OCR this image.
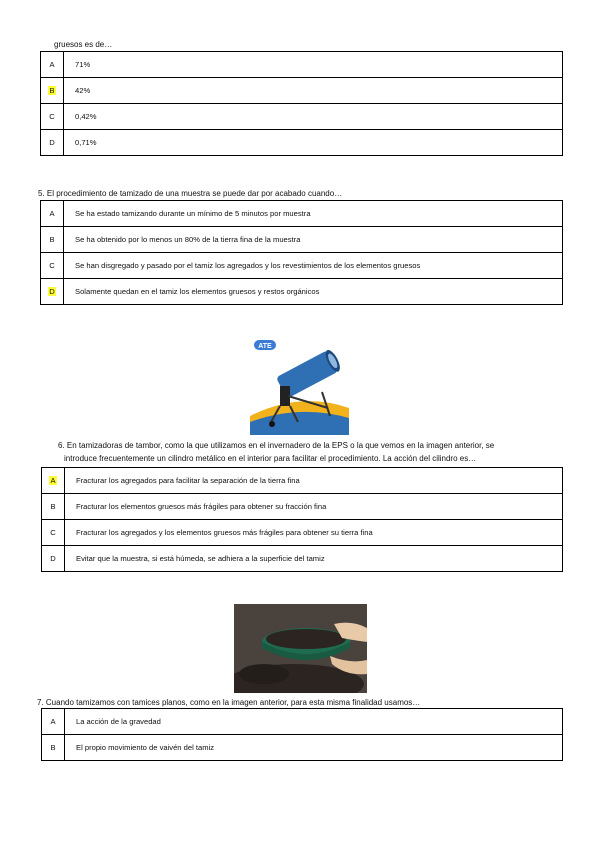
gruesos es de…
A	71%
B	42%
C	0,42%
D	0,71%
5. El procedimiento de tamizado de una muestra se puede dar por acabado cuando…
A	Se ha estado tamizando durante un mínimo de 5 minutos por muestra
B	Se ha obtenido por lo menos un 80% de la tierra fina de la muestra
C	Se han disgregado y pasado por el tamiz los agregados y los revestimientos de los elementos gruesos
D	Solamente quedan en el tamiz los elementos gruesos y restos orgánicos
ATE
6. En tamizadoras de tambor, como la que utilizamos en el invernadero de la EPS o la que vemos en la imagen anterior, se
introduce frecuentemente un cilindro metálico en el interior para facilitar el procedimiento. La acción del cilindro es…
A	Fracturar los agregados para facilitar la separación de la tierra fina
B	Fracturar los elementos gruesos más frágiles para obtener su fracción fina
C	Fracturar los agregados y los elementos gruesos más frágiles para obtener su tierra fina
D	Evitar que la muestra, si está húmeda, se adhiera a la superficie del tamiz
7. Cuando tamizamos con tamices planos, como en la imagen anterior, para esta misma finalidad usamos…
A	La acción de la gravedad
B	El propio movimiento de vaivén del tamiz
